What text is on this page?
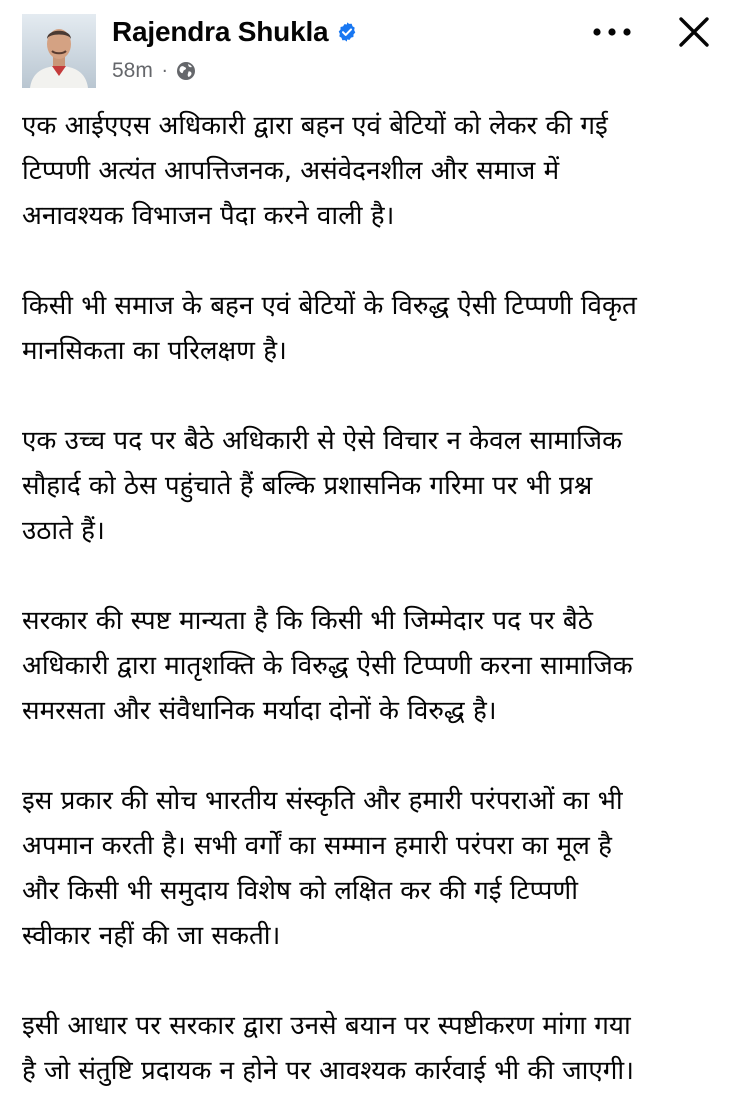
Rajendra Shukla
58m ·

एक आईएएस अधिकारी द्वारा बहन एवं बेटियों को लेकर की गई
टिप्पणी अत्यंत आपत्तिजनक, असंवेदनशील और समाज में
अनावश्यक विभाजन पैदा करने वाली है।

किसी भी समाज के बहन एवं बेटियों के विरुद्ध ऐसी टिप्पणी विकृत
मानसिकता का परिलक्षण है।

एक उच्च पद पर बैठे अधिकारी से ऐसे विचार न केवल सामाजिक
सौहार्द को ठेस पहुंचाते हैं बल्कि प्रशासनिक गरिमा पर भी प्रश्न
उठाते हैं।

सरकार की स्पष्ट मान्यता है कि किसी भी जिम्मेदार पद पर बैठे
अधिकारी द्वारा मातृशक्ति के विरुद्ध ऐसी टिप्पणी करना सामाजिक
समरसता और संवैधानिक मर्यादा दोनों के विरुद्ध है।

इस प्रकार की सोच भारतीय संस्कृति और हमारी परंपराओं का भी
अपमान करती है। सभी वर्गों का सम्मान हमारी परंपरा का मूल है
और किसी भी समुदाय विशेष को लक्षित कर की गई टिप्पणी
स्वीकार नहीं की जा सकती।

इसी आधार पर सरकार द्वारा उनसे बयान पर स्पष्टीकरण मांगा गया
है जो संतुष्टि प्रदायक न होने पर आवश्यक कार्रवाई भी की जाएगी।
